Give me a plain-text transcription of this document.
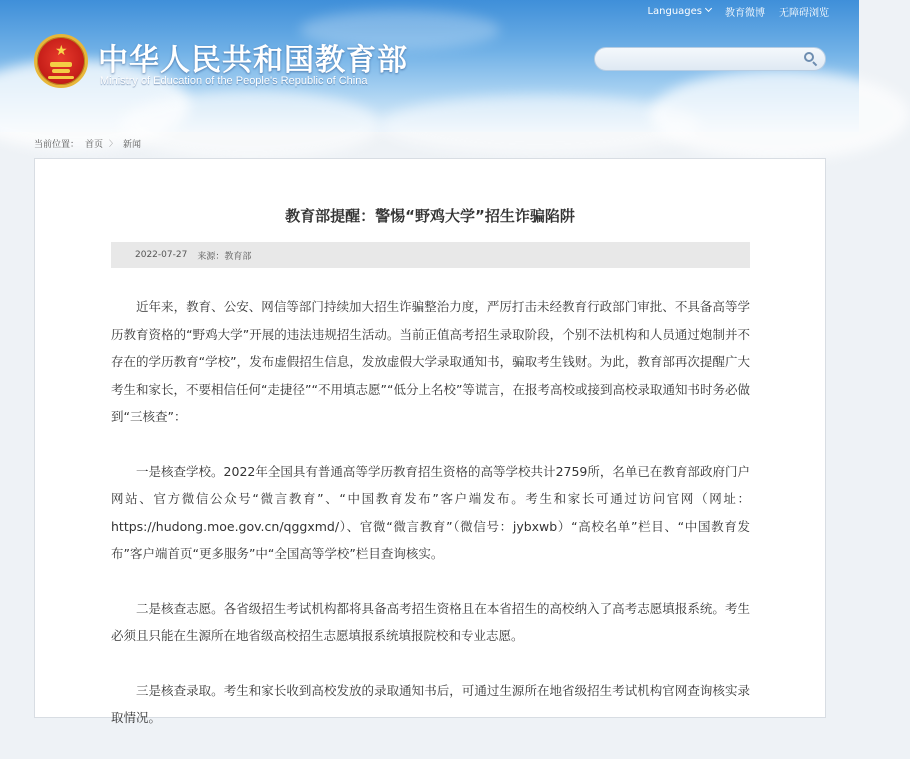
Languages	教育微博 无障碍浏览
★ 中华人民共和国教育部
Ministry of Education of the People's Republic of China
当前位置： 首页 〉 新闻
教育部提醒：警惕“野鸡大学”招生诈骗陷阱
2022-07-27 来源：教育部

近年来，教育、公安、网信等部门持续加大招生诈骗整治力度，严厉打击未经教育行政部门审批、不具备高等学历教育资格的“野鸡大学”开展的违法违规招生活动。当前正值高考招生录取阶段，个别不法机构和人员通过炮制并不存在的学历教育“学校”，发布虚假招生信息，发放虚假大学录取通知书，骗取考生钱财。为此，教育部再次提醒广大考生和家长，不要相信任何“走捷径”“不用填志愿”“低分上名校”等谎言，在报考高校或接到高校录取通知书时务必做到“三核查”：

一是核查学校。2022年全国具有普通高等学历教育招生资格的高等学校共计2759所，名单已在教育部政府门户网站、官方微信公众号“微言教育”、“中国教育发布”客户端发布。考生和家长可通过访问官网（网址：https://hudong.moe.gov.cn/qggxmd/）、官微“微言教育”（微信号：jybxwb）“高校名单”栏目、“中国教育发布”客户端首页“更多服务”中“全国高等学校”栏目查询核实。

二是核查志愿。各省级招生考试机构都将具备高考招生资格且在本省招生的高校纳入了高考志愿填报系统。考生必须且只能在生源所在地省级高校招生志愿填报系统填报院校和专业志愿。

三是核查录取。考生和家长收到高校发放的录取通知书后，可通过生源所在地省级招生考试机构官网查询核实录取情况。
